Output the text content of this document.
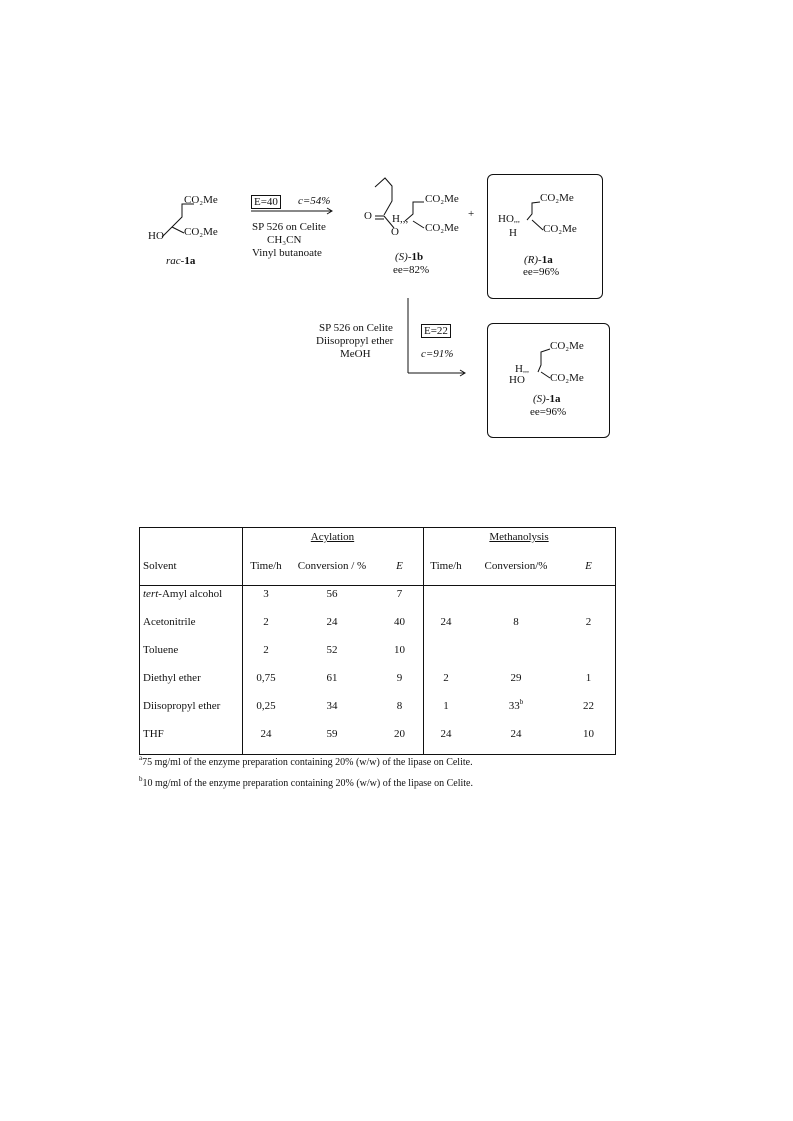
CO₂Me
CO₂Me
HO
rac-1a
E=40 c=54%
SP 526 on Celite
CH₃CN
Vinyl butanoate
CO₂Me
CO₂Me
O H,,,
O
(S)-1b
ee=82%
+
CO₂Me
CO₂Me
HO,,,
H
(R)-1a
ee=96%
SP 526 on Celite
Diisopropyl ether
MeOH
E=22
c=91%
CO₂Me
CO₂Me
H,,,
HO
(S)-1a
ee=96%
Acylation	Methanolysis
Solvent	Time/h	Conversion / %	E	Time/h	Conversion/%	E
tert-Amyl alcohol	3	56	7
Acetonitrile	2	24	40	24	8	2
Toluene	2	52	10
Diethyl ether	0,75	61	9	2	29	1
Diisopropyl ether	0,25	34	8	1	33$^b$	22
THF	24	59	20	24	24	10
$^a$75 mg/ml of the enzyme preparation containing 20% (w/w) of the lipase on Celite.
$^b$10 mg/ml of the enzyme preparation containing 20% (w/w) of the lipase on Celite.
